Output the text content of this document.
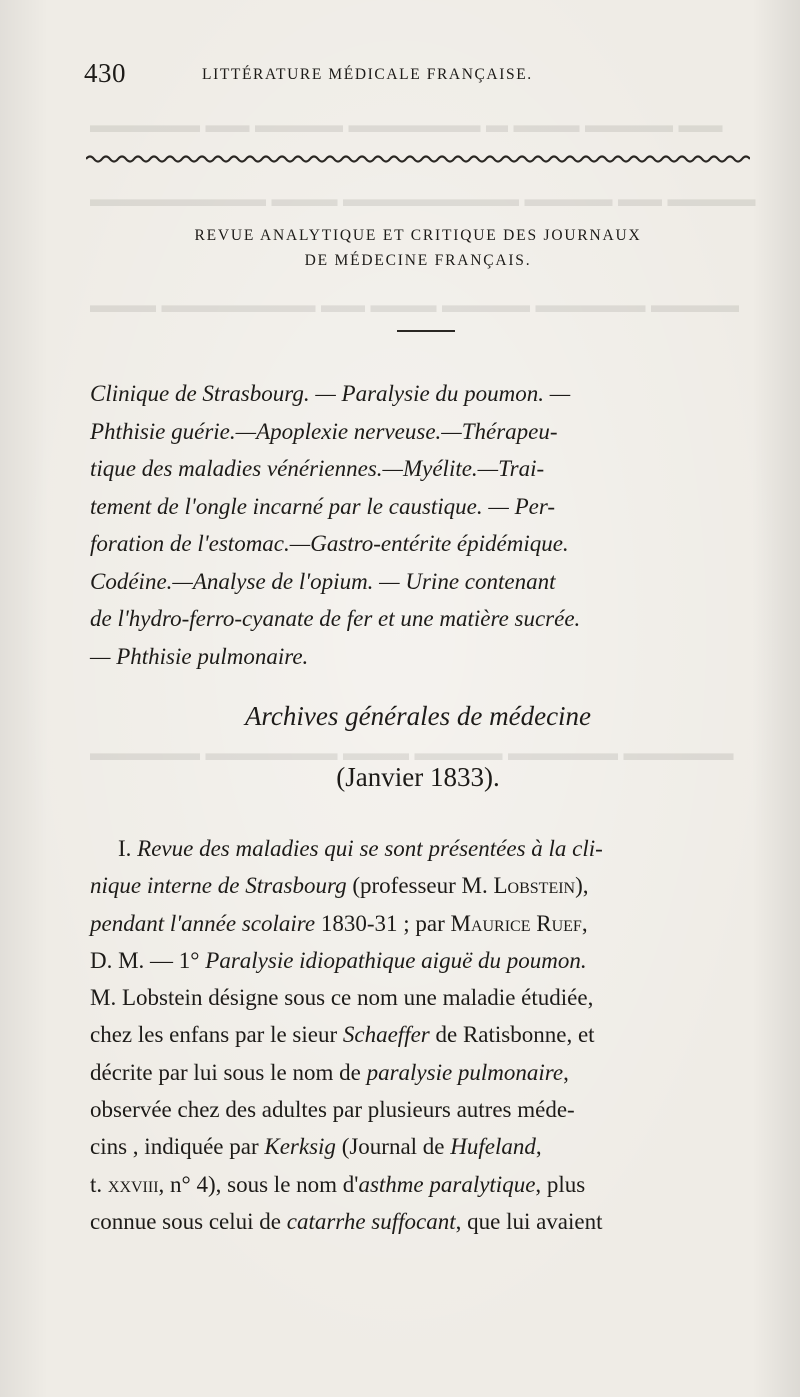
▬▬ ▬▬▬▬ ▬▬▬ ▬ ▬▬▬▬▬▬ ▬▬▬▬ ▬▬ ▬▬▬▬▬
▬▬▬▬ ▬▬ ▬▬▬▬ ▬▬▬▬▬▬▬▬ ▬▬▬ ▬▬▬▬▬▬▬▬
▬▬▬▬ ▬▬▬▬▬ ▬▬▬▬ ▬▬▬ ▬▬ ▬▬▬▬▬▬▬ ▬▬▬
▬▬▬▬▬ ▬▬▬▬▬ ▬▬▬▬ ▬▬▬ ▬▬▬▬▬▬ ▬▬▬▬▬
430	LITTÉRATURE MÉDICALE FRANÇAISE.
REVUE ANALYTIQUE ET CRITIQUE DES JOURNAUX
DE MÉDECINE FRANÇAIS.
Clinique de Strasbourg. — Paralysie du poumon. —
Phthisie guérie.—Apoplexie nerveuse.—Thérapeu-
tique des maladies vénériennes.—Myélite.—Trai-
tement de l'ongle incarné par le caustique. — Per-
foration de l'estomac.—Gastro-entérite épidémique.
Codéine.—Analyse de l'opium. — Urine contenant
de l'hydro-ferro-cyanate de fer et une matière sucrée.
— Phthisie pulmonaire.
Archives générales de médecine
(Janvier 1833).
I. Revue des maladies qui se sont présentées à la cli-
nique interne de Strasbourg (professeur M. Lobstein),
pendant l'année scolaire 1830-31 ; par Maurice Ruef,
D. M. — 1° Paralysie idiopathique aiguë du poumon.
M. Lobstein désigne sous ce nom une maladie étudiée,
chez les enfans par le sieur Schaeffer de Ratisbonne, et
décrite par lui sous le nom de paralysie pulmonaire,
observée chez des adultes par plusieurs autres méde-
cins , indiquée par Kerksig (Journal de Hufeland,
t. xxviii, n° 4), sous le nom d'asthme paralytique, plus
connue sous celui de catarrhe suffocant, que lui avaient
